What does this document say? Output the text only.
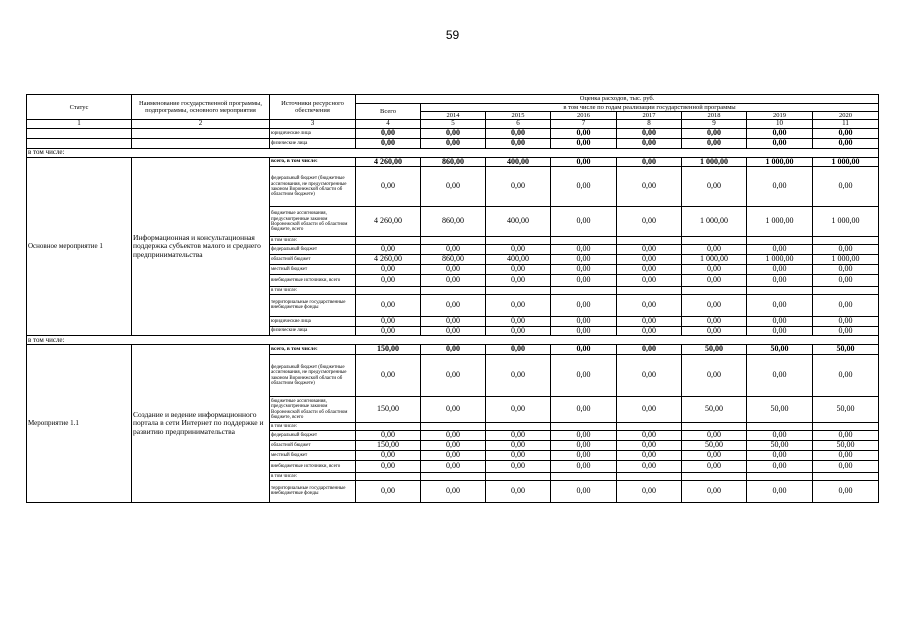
59
Статус	Наименование государственной программы, подпрограммы, основного мероприятия	Источники ресурсного обеспечения	Оценка расходов, тыс. руб.							
			Всего	в том числе по годам реализации государственной программы						
				2014	2015	2016	2017	2018	2019	2020
1	2	3	4	5	6	7	8	9	10	11
		юридические лица	0,00	0,00	0,00	0,00	0,00	0,00	0,00	0,00
		физические лица	0,00	0,00	0,00	0,00	0,00	0,00	0,00	0,00
в том числе:										
Основное мероприятие 1	Информационная и консультационная поддержка субъектов малого и среднего предпринимательства	всего, в том числе:	4 260,00	860,00	400,00	0,00	0,00	1 000,00	1 000,00	1 000,00
		федеральный бюджет (бюджетные ассигнования, не предусмотренные законом Воронежской области об областном бюджете)	0,00	0,00	0,00	0,00	0,00	0,00	0,00	0,00
		бюджетные ассигнования, предусмотренные законом Воронежской области об областном бюджете, всего	4 260,00	860,00	400,00	0,00	0,00	1 000,00	1 000,00	1 000,00
		в том числе:								
		федеральный бюджет	0,00	0,00	0,00	0,00	0,00	0,00	0,00	0,00
		областной бюджет	4 260,00	860,00	400,00	0,00	0,00	1 000,00	1 000,00	1 000,00
		местный бюджет	0,00	0,00	0,00	0,00	0,00	0,00	0,00	0,00
		внебюджетные источники, всего	0,00	0,00	0,00	0,00	0,00	0,00	0,00	0,00
		в том числе:								
		территориальные государственные внебюджетные фонды	0,00	0,00	0,00	0,00	0,00	0,00	0,00	0,00
		юридические лица	0,00	0,00	0,00	0,00	0,00	0,00	0,00	0,00
		физические лица	0,00	0,00	0,00	0,00	0,00	0,00	0,00	0,00
в том числе:										
Мероприятие 1.1	Создание и ведение информационного портала в сети Интернет по поддержке и развитию предпринимательства	всего, в том числе:	150,00	0,00	0,00	0,00	0,00	50,00	50,00	50,00
		федеральный бюджет (бюджетные ассигнования, не предусмотренные законом Воронежской области об областном бюджете)	0,00	0,00	0,00	0,00	0,00	0,00	0,00	0,00
		бюджетные ассигнования, предусмотренные законом Воронежской области об областном бюджете, всего	150,00	0,00	0,00	0,00	0,00	50,00	50,00	50,00
		в том числе:								
		федеральный бюджет	0,00	0,00	0,00	0,00	0,00	0,00	0,00	0,00
		областной бюджет	150,00	0,00	0,00	0,00	0,00	50,00	50,00	50,00
		местный бюджет	0,00	0,00	0,00	0,00	0,00	0,00	0,00	0,00
		внебюджетные источники, всего	0,00	0,00	0,00	0,00	0,00	0,00	0,00	0,00
		в том числе:								
		территориальные государственные внебюджетные фонды	0,00	0,00	0,00	0,00	0,00	0,00	0,00	0,00
